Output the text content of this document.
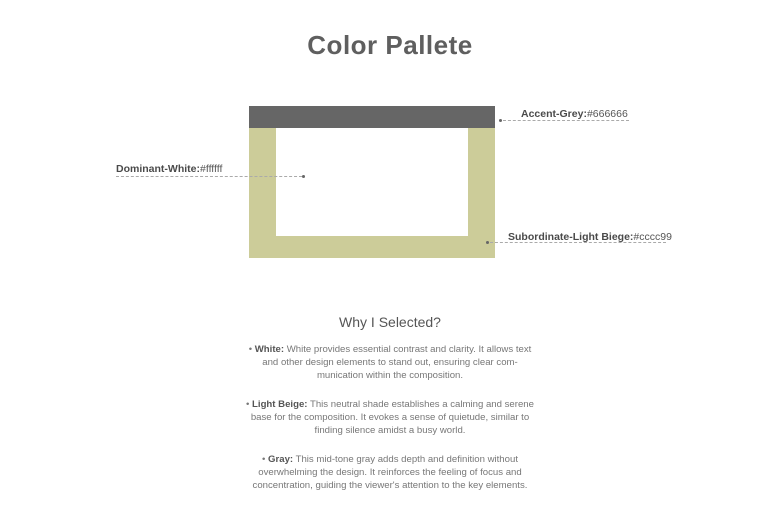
Color Pallete
Accent-Grey:#666666
Dominant-White:#ffffff
Subordinate-Light Biege:#cccc99
Why I Selected?
• White: White provides essential contrast and clarity. It allows text and other design elements to stand out, ensuring clear com-munication within the composition.
• Light Beige: This neutral shade establishes a calming and serene base for the composition. It evokes a sense of quietude, similar to finding silence amidst a busy world.
• Gray: This mid-tone gray adds depth and definition without overwhelming the design. It reinforces the feeling of focus and concentration, guiding the viewer's attention to the key elements.
